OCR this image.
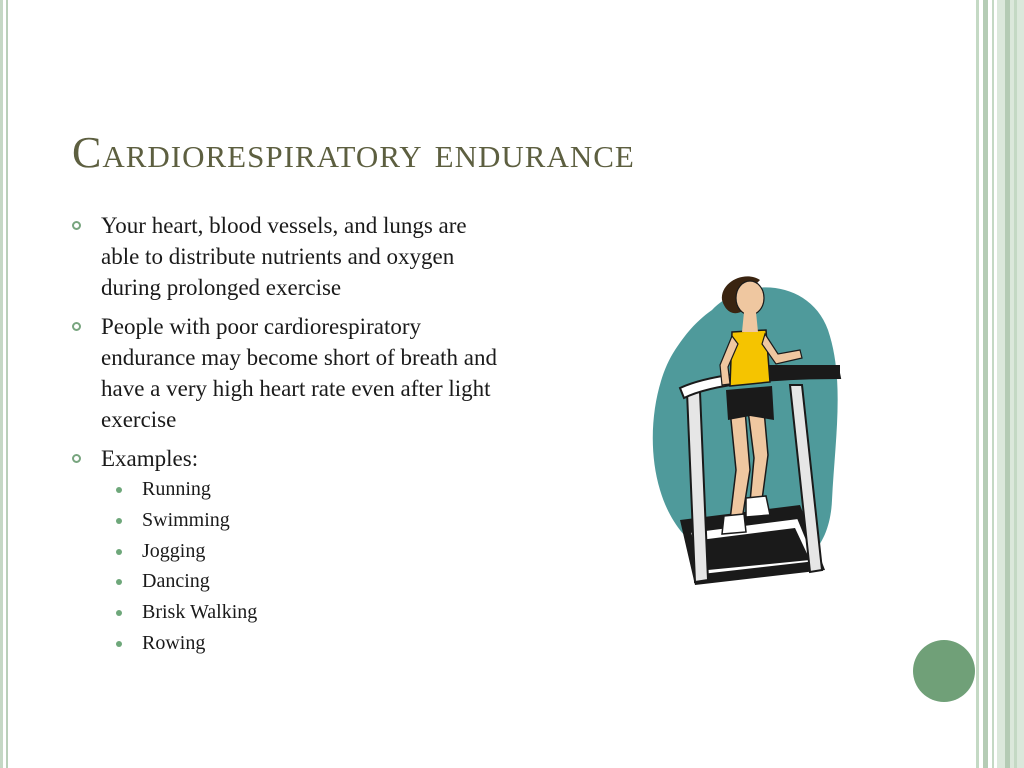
Cardiorespiratory endurance
Your heart, blood vessels, and lungs are able to distribute nutrients and oxygen during prolonged exercise
People with poor cardiorespiratory endurance may become short of breath and have a very high heart rate even after light exercise
Examples:
Running
Swimming
Jogging
Dancing
Brisk Walking
Rowing
